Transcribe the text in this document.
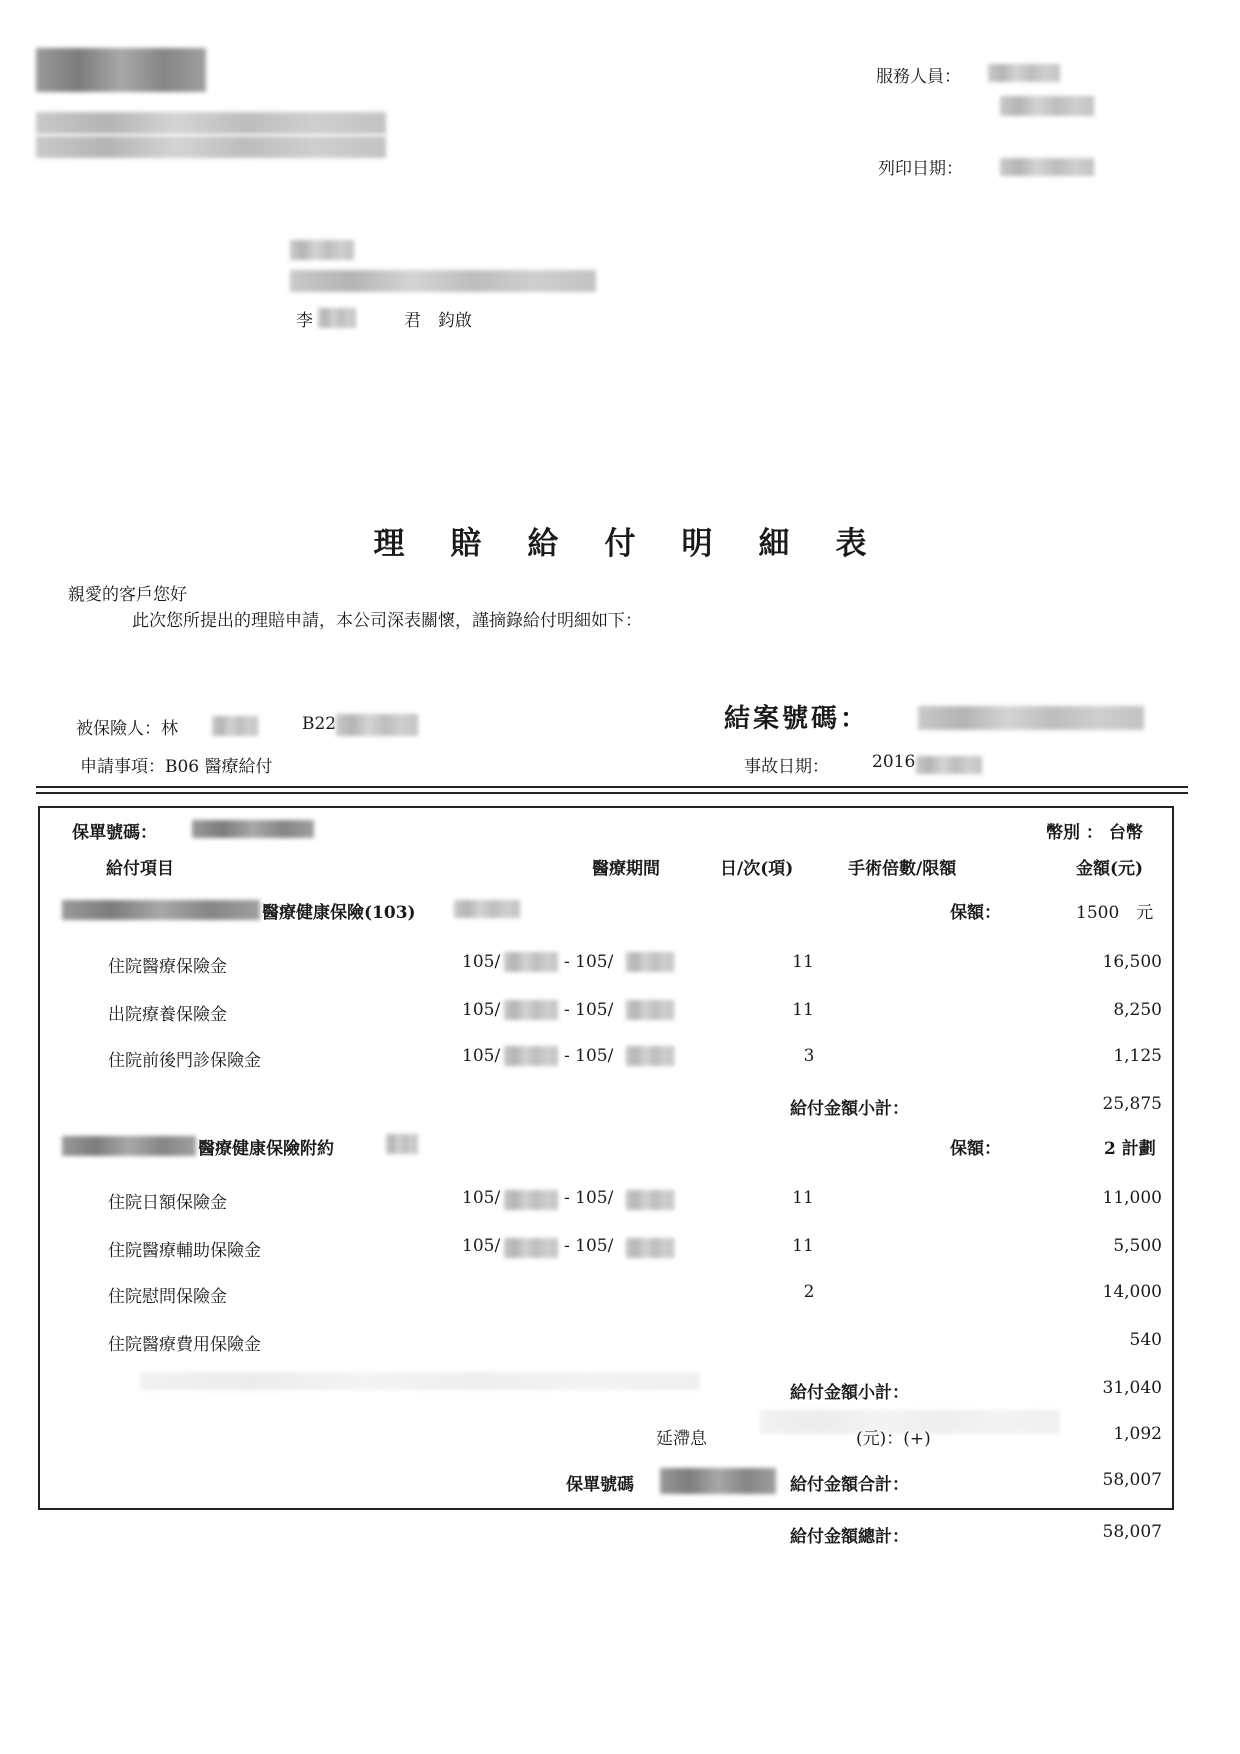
服務人員：
列印日期：
李	君　鈞啟
理賠給付明細表
親愛的客戶您好
此次您所提出的理賠申請，本公司深表關懷，謹摘錄給付明細如下：
被保險人：林	B22	結案號碼：
申請事項：B06 醫療給付	事故日期：	2016
保單號碼：	幣別 ： 台幣
給付項目	醫療期間	日/次(項)	手術倍數/限額	金額(元)
醫療健康保險(103)	保額：	1500　元
住院醫療保險金	105/	- 105/	11	16,500
出院療養保險金	105/	- 105/	11	8,250
住院前後門診保險金	105/	- 105/	3	1,125
給付金額小計：	25,875
醫療健康保險附約	保額：	2 計劃
住院日額保險金	105/	- 105/	11	11,000
住院醫療輔助保險金	105/	- 105/	11	5,500
住院慰問保險金	2	14,000
住院醫療費用保險金	540
給付金額小計：	31,040
延滯息	(元)：(+)	1,092
保單號碼	給付金額合計：	58,007
給付金額總計：	58,007
